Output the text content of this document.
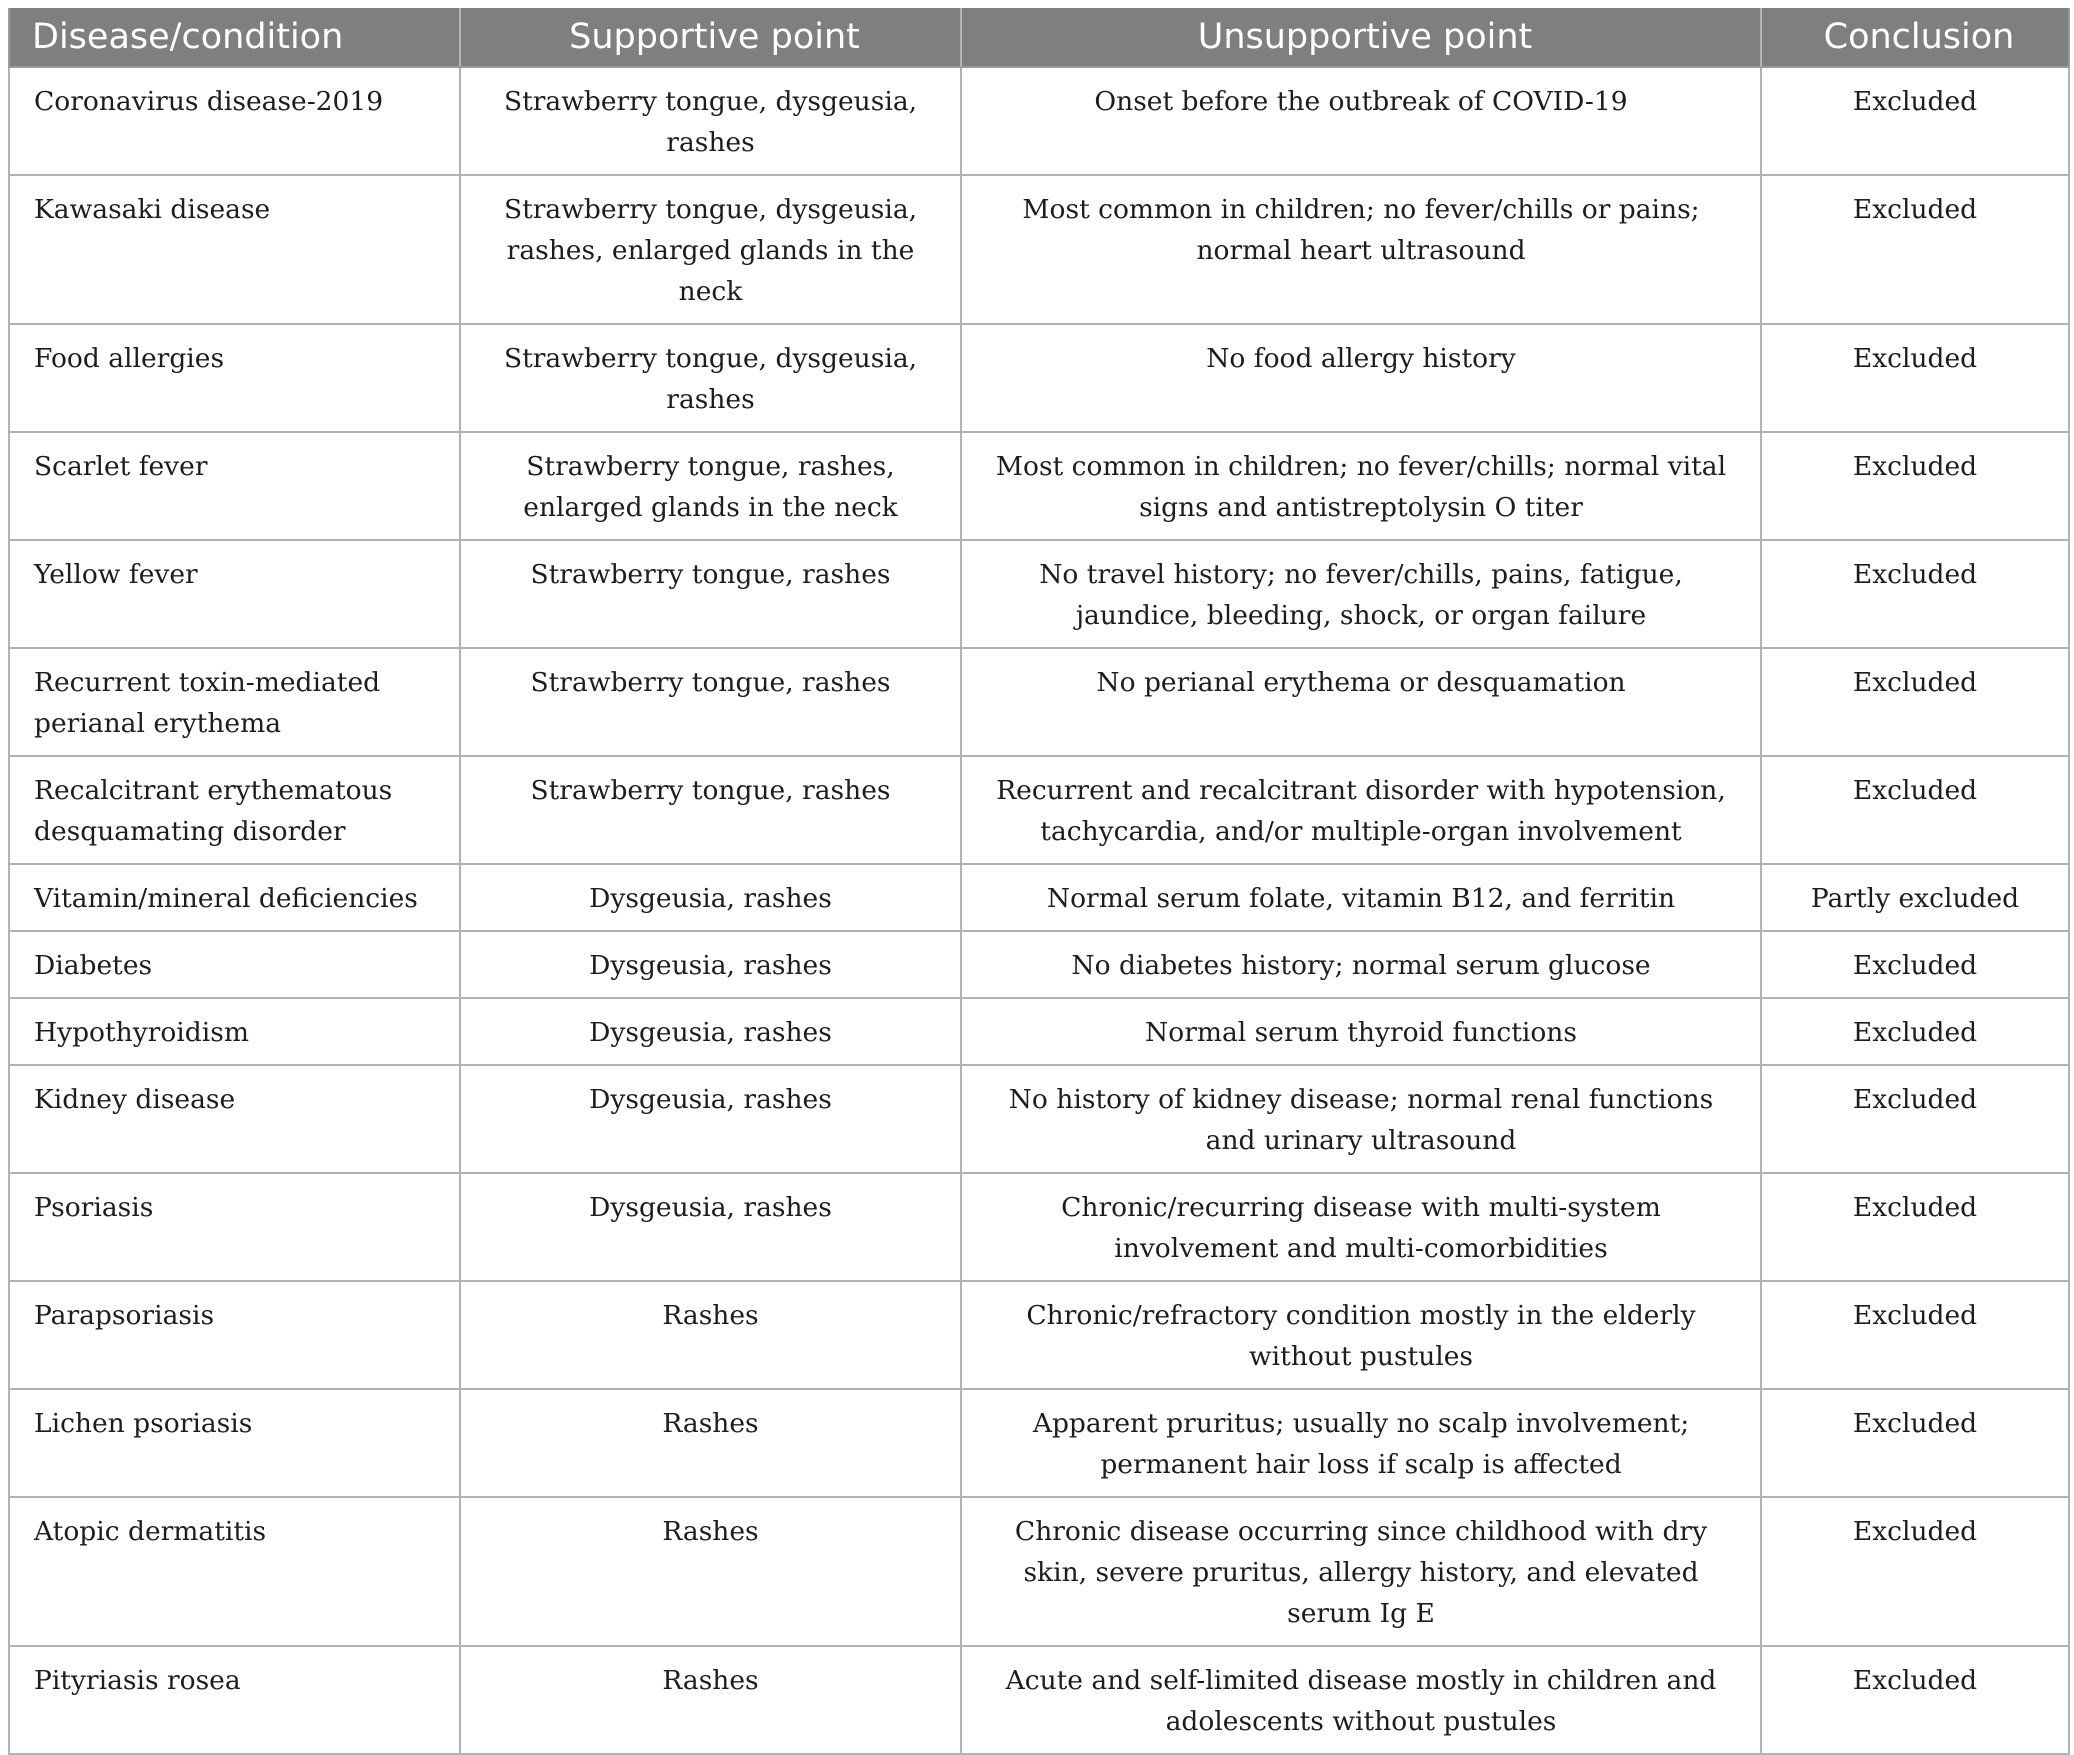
Disease/condition	Supportive point	Unsupportive point	Conclusion
Coronavirus disease-2019	Strawberry tongue, dysgeusia, rashes	Onset before the outbreak of COVID-19	Excluded
Kawasaki disease	Strawberry tongue, dysgeusia, rashes, enlarged glands in the neck	Most common in children; no fever/chills or pains; normal heart ultrasound	Excluded
Food allergies	Strawberry tongue, dysgeusia, rashes	No food allergy history	Excluded
Scarlet fever	Strawberry tongue, rashes, enlarged glands in the neck	Most common in children; no fever/chills; normal vital signs and antistreptolysin O titer	Excluded
Yellow fever	Strawberry tongue, rashes	No travel history; no fever/chills, pains, fatigue, jaundice, bleeding, shock, or organ failure	Excluded
Recurrent toxin-mediated perianal erythema	Strawberry tongue, rashes	No perianal erythema or desquamation	Excluded
Recalcitrant erythematous desquamating disorder	Strawberry tongue, rashes	Recurrent and recalcitrant disorder with hypotension, tachycardia, and/or multiple-organ involvement	Excluded
Vitamin/mineral deficiencies	Dysgeusia, rashes	Normal serum folate, vitamin B12, and ferritin	Partly excluded
Diabetes	Dysgeusia, rashes	No diabetes history; normal serum glucose	Excluded
Hypothyroidism	Dysgeusia, rashes	Normal serum thyroid functions	Excluded
Kidney disease	Dysgeusia, rashes	No history of kidney disease; normal renal functions and urinary ultrasound	Excluded
Psoriasis	Dysgeusia, rashes	Chronic/recurring disease with multi-system involvement and multi-comorbidities	Excluded
Parapsoriasis	Rashes	Chronic/refractory condition mostly in the elderly without pustules	Excluded
Lichen psoriasis	Rashes	Apparent pruritus; usually no scalp involvement; permanent hair loss if scalp is affected	Excluded
Atopic dermatitis	Rashes	Chronic disease occurring since childhood with dry skin, severe pruritus, allergy history, and elevated serum Ig E	Excluded
Pityriasis rosea	Rashes	Acute and self-limited disease mostly in children and adolescents without pustules	Excluded
